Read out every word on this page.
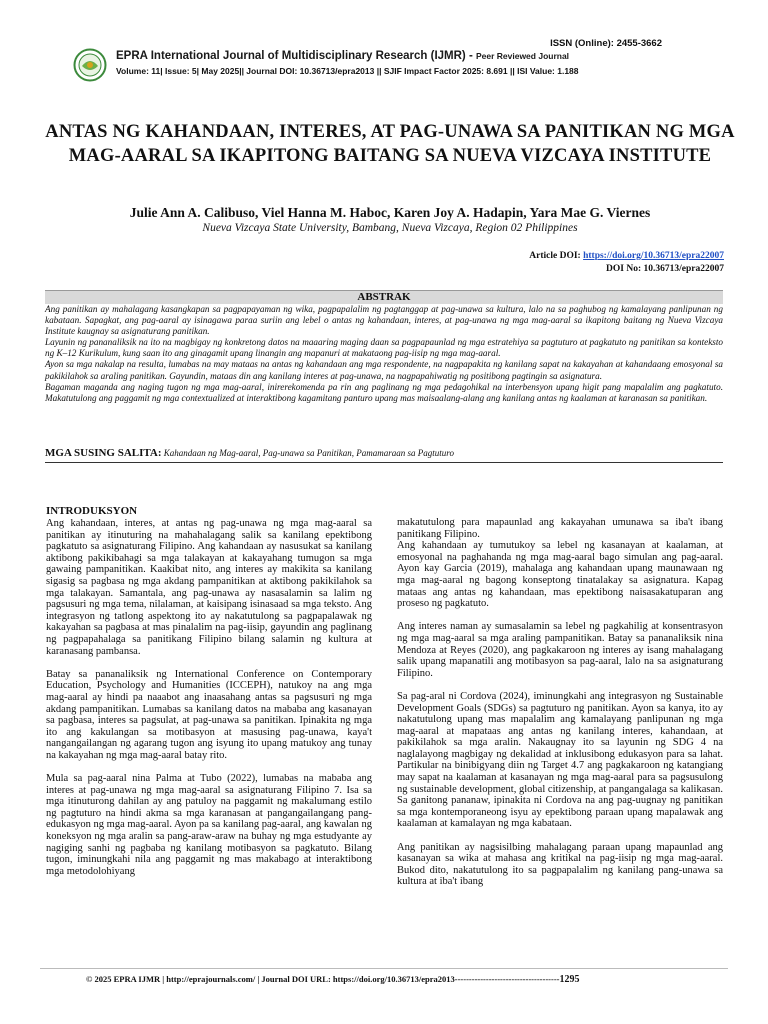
ISSN (Online): 2455-3662
EPRA International Journal of Multidisciplinary Research (IJMR) - Peer Reviewed Journal
Volume: 11| Issue: 5| May 2025|| Journal DOI: 10.36713/epra2013 || SJIF Impact Factor 2025: 8.691 || ISI Value: 1.188
ANTAS NG KAHANDAAN, INTERES, AT PAG-UNAWA SA PANITIKAN NG MGA MAG-AARAL SA IKAPITONG BAITANG SA NUEVA VIZCAYA INSTITUTE
Julie Ann A. Calibuso, Viel Hanna M. Haboc, Karen Joy A. Hadapin, Yara Mae G. Viernes
Nueva Vizcaya State University, Bambang, Nueva Vizcaya, Region 02 Philippines
Article DOI: https://doi.org/10.36713/epra22007
DOI No: 10.36713/epra22007
ABSTRAK

Ang panitikan ay mahalagang kasangkapan sa pagpapayaman ng wika, pagpapalalim ng pagtanggap at pag-unawa sa kultura, lalo na sa paghubog ng kamalayang panlipunan ng kabataan. Sapagkat, ang pag-aaral ay isinagawa paraa suriin ang lebel o antas ng kahandaan, interes, at pag-unawa ng mga mag-aaral sa ikapitong baitang ng Nueva Vizcaya Institute kaugnay sa asignaturang panitikan.

Layunin ng pananaliksik na ito na magbigay ng konkretong datos na maaaring maging daan sa pagpapaunlad ng mga estratehiya sa pagtuturo at pagkatuto ng panitikan sa konteksto ng K–12 Kurikulum, kung saan ito ang ginagamit upang linangin ang mapanuri at makataong pag-iisip ng mga mag-aaral.

Ayon sa mga nakalap na resulta, lumabas na may mataas na antas ng kahandaan ang mga respondente, na nagpapakita ng kanilang sapat na kakayahan at kahandaang emosyonal sa pakikilahok sa araling panitikan. Gayundin, mataas din ang kanilang interes at pag-unawa, na nagpapahiwatig ng positibong pagtingin sa asignatura.

Bagaman maganda ang naging tugon ng mga mag-aaral, inirerekomenda pa rin ang paglinang ng mga pedagohikal na interbensyon upang higit pang mapalalim ang pagkatuto. Makatutulong ang paggamit ng mga contextualized at interaktibong kagamitang panturo upang mas maisaalang-alang ang kanilang antas ng kaalaman at karanasan sa panitikan.

MGA SUSING SALITA: Kahandaan ng Mag-aaral, Pag-unawa sa Panitikan, Pamamaraan sa Pagtuturo
INTRODUKSYON

Ang kahandaan, interes, at antas ng pag-unawa ng mga mag-aaral sa panitikan ay itinuturing na mahahalagang salik sa kanilang epektibong pagkatuto sa asignaturang Filipino. Ang kahandaan ay nasusukat sa kanilang aktibong pakikibahagi sa mga talakayan at kakayahang tumugon sa mga gawaing pampanitikan. Kaakibat nito, ang interes ay makikita sa kanilang sigasig sa pagbasa ng mga akdang pampanitikan at aktibong pakikilahok sa mga talakayan. Samantala, ang pag-unawa ay nasasalamin sa lalim ng pagsusuri ng mga tema, nilalaman, at kaisipang isinasaad sa mga teksto. Ang integrasyon ng tatlong aspektong ito ay nakatutulong sa pagpapalawak ng kakayahan sa pagbasa at mas pinalalim na pag-iisip, gayundin ang paglinang ng pagpapahalaga sa panitikang Filipino bilang salamin ng kultura at karanasang pambansa.

Batay sa pananaliksik ng International Conference on Contemporary Education, Psychology and Humanities (ICCEPH), natukoy na ang mga mag-aaral ay hindi pa naaabot ang inaasahang antas sa pagsusuri ng mga akdang pampanitikan. Lumabas sa kanilang datos na mababa ang kasanayan sa pagbasa, interes sa pagsulat, at pag-unawa sa panitikan. Ipinakita ng mga ito ang kakulangan sa motibasyon at masusing pag-unawa, kaya't nangangailangan ng agarang tugon ang isyung ito upang matukoy ang tunay na kakayahan ng mga mag-aaral batay rito.

Mula sa pag-aaral nina Palma at Tubo (2022), lumabas na mababa ang interes at pag-unawa ng mga mag-aaral sa asignaturang Filipino 7. Isa sa mga itinuturong dahilan ay ang patuloy na paggamit ng makalumang estilo ng pagtuturo na hindi akma sa mga karanasan at pangangailangang pang-edukasyon ng mga mag-aaral. Ayon pa sa kanilang pag-aaral, ang kawalan ng koneksyon ng mga aralin sa pang-araw-araw na buhay ng mga estudyante ay nagiging sanhi ng pagbaba ng kanilang motibasyon sa pagkatuto. Bilang tugon, iminungkahi nila ang paggamit ng mas makabago at interaktibong mga metodolohiyang

makatutulong para mapaunlad ang kakayahan umunawa sa iba't ibang panitikang Filipino.
Ang kahandaan ay tumutukoy sa lebel ng kasanayan at kaalaman, at emosyonal na paghahanda ng mga mag-aaral bago simulan ang pag-aaral. Ayon kay Garcia (2019), mahalaga ang kahandaan upang maunawaan ng mga mag-aaral ng bagong konseptong tinatalakay sa asignatura. Kapag mataas ang antas ng kahandaan, mas epektibong naisasakatuparan ang proseso ng pagkatuto.

Ang interes naman ay sumasalamin sa lebel ng pagkahilig at konsentrasyon ng mga mag-aaral sa mga araling pampanitikan. Batay sa pananaliksik nina Mendoza at Reyes (2020), ang pagkakaroon ng interes ay isang mahalagang salik upang mapanatili ang motibasyon sa pag-aaral, lalo na sa asignaturang Filipino.

Sa pag-aral ni Cordova (2024), iminungkahi ang integrasyon ng Sustainable Development Goals (SDGs) sa pagtuturo ng panitikan. Ayon sa kanya, ito ay nakatutulong upang mas mapalalim ang kamalayang panlipunan ng mga mag-aaral at mapataas ang antas ng kanilang interes, kahandaan, at pakikilahok sa mga aralin. Nakaugnay ito sa layunin ng SDG 4 na naglalayong magbigay ng dekalidad at inklusibong edukasyon para sa lahat. Partikular na binibigyang diin ng Target 4.7 ang pagkakaroon ng katangiang may sapat na kaalaman at kasanayan ng mga mag-aaral para sa pagsusulong ng sustainable development, global citizenship, at pangangalaga sa kalikasan. Sa ganitong pananaw, ipinakita ni Cordova na ang pag-uugnay ng panitikan sa mga kontemporaneong isyu ay epektibong paraan upang mapalawak ang kaalaman at kamalayan ng mga kabataan.

Ang panitikan ay nagsisilbing mahalagang paraan upang mapaunlad ang kasanayan sa wika at mahasa ang kritikal na pag-iisip ng mga mag-aaral. Bukod dito, nakatutulong ito sa pagpapalalim ng kanilang pang-unawa sa kultura at iba't ibang

© 2025 EPRA IJMR | http://eprajournals.com/ | Journal DOI URL: https://doi.org/10.36713/epra2013-------------------------------------1295
